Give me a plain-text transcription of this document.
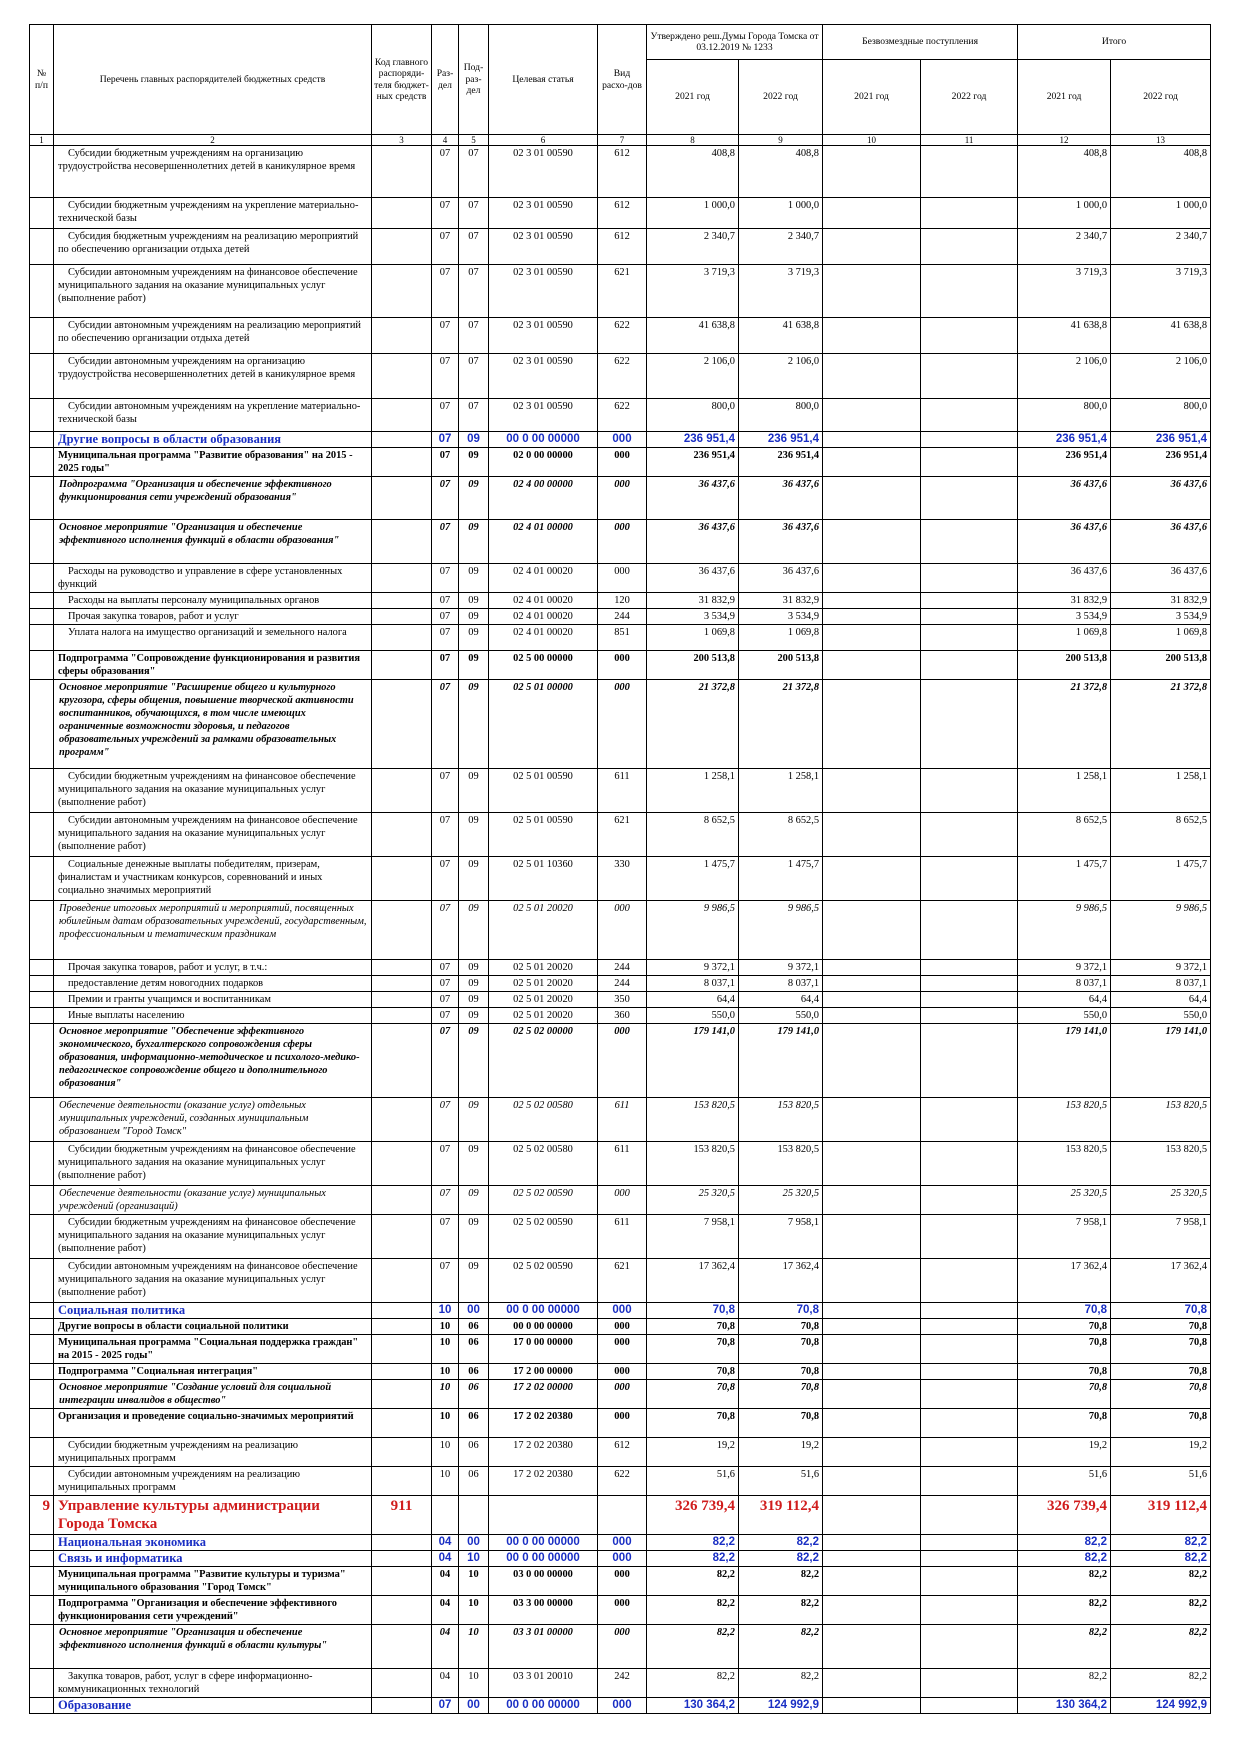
№ п/п	Перечень главных распорядителей бюджетных средств	Код главного распоряди-теля бюджет-ных средств	Раз-дел	Под-раз-дел	Целевая статья	Вид расхо-дов	Утверждено реш.Думы Города Томска от 03.12.2019 № 1233		Безвозмездные поступления		Итого	
							2021 год	2022 год	2021 год	2022 год	2021 год	2022 год
1	2	3	4	5	6	7	8	9	10	11	12	13
	Субсидии бюджетным учреждениям на организацию трудоустройства несовершеннолетних детей в каникулярное время		07	07	02 3 01 00590	612	408,8	408,8			408,8	408,8
	Субсидии бюджетным учреждениям на укрепление материально-технической базы		07	07	02 3 01 00590	612	1 000,0	1 000,0			1 000,0	1 000,0
	Субсидия бюджетным учреждениям на реализацию мероприятий по обеспечению организации отдыха детей		07	07	02 3 01 00590	612	2 340,7	2 340,7			2 340,7	2 340,7
	Субсидии автономным учреждениям на финансовое обеспечение муниципального задания на оказание муниципальных услуг (выполнение работ)		07	07	02 3 01 00590	621	3 719,3	3 719,3			3 719,3	3 719,3
	Субсидии автономным учреждениям на реализацию мероприятий по обеспечению организации отдыха детей		07	07	02 3 01 00590	622	41 638,8	41 638,8			41 638,8	41 638,8
	Субсидии автономным учреждениям на организацию трудоустройства несовершеннолетних детей в каникулярное время		07	07	02 3 01 00590	622	2 106,0	2 106,0			2 106,0	2 106,0
	Субсидии автономным учреждениям на укрепление материально-технической базы		07	07	02 3 01 00590	622	800,0	800,0			800,0	800,0
	Другие вопросы в области образования		07	09	00 0 00 00000	000	236 951,4	236 951,4			236 951,4	236 951,4
	Муниципальная программа "Развитие образования" на 2015 - 2025 годы"		07	09	02 0 00 00000	000	236 951,4	236 951,4			236 951,4	236 951,4
	Подпрограмма "Организация и обеспечение эффективного функционирования сети учреждений образования"		07	09	02 4 00 00000	000	36 437,6	36 437,6			36 437,6	36 437,6
	Основное мероприятие "Организация и обеспечение эффективного исполнения функций в области образования"		07	09	02 4 01 00000	000	36 437,6	36 437,6			36 437,6	36 437,6
	Расходы на руководство и управление в сфере установленных функций		07	09	02 4 01 00020	000	36 437,6	36 437,6			36 437,6	36 437,6
	Расходы на выплаты персоналу муниципальных органов		07	09	02 4 01 00020	120	31 832,9	31 832,9			31 832,9	31 832,9
	Прочая закупка товаров, работ и услуг		07	09	02 4 01 00020	244	3 534,9	3 534,9			3 534,9	3 534,9
	Уплата налога на имущество организаций и земельного налога		07	09	02 4 01 00020	851	1 069,8	1 069,8			1 069,8	1 069,8
	Подпрограмма "Сопровождение функционирования и развития сферы образования"		07	09	02 5 00 00000	000	200 513,8	200 513,8			200 513,8	200 513,8
	Основное мероприятие "Расширение общего и культурного кругозора, сферы общения, повышение творческой активности воспитанников, обучающихся, в том числе имеющих ограниченные возможности здоровья, и педагогов образовательных учреждений за рамками образовательных программ"		07	09	02 5 01 00000	000	21 372,8	21 372,8			21 372,8	21 372,8
	Субсидии бюджетным учреждениям на финансовое обеспечение муниципального задания на оказание муниципальных услуг (выполнение работ)		07	09	02 5 01 00590	611	1 258,1	1 258,1			1 258,1	1 258,1
	Субсидии автономным учреждениям на финансовое обеспечение муниципального задания на оказание муниципальных услуг (выполнение работ)		07	09	02 5 01 00590	621	8 652,5	8 652,5			8 652,5	8 652,5
	Социальные денежные выплаты победителям, призерам, финалистам и участникам конкурсов, соревнований и иных социально значимых мероприятий		07	09	02 5 01 10360	330	1 475,7	1 475,7			1 475,7	1 475,7
	Проведение итоговых мероприятий и мероприятий, посвященных юбилейным датам образовательных учреждений, государственным, профессиональным и тематическим праздникам		07	09	02 5 01 20020	000	9 986,5	9 986,5			9 986,5	9 986,5
	Прочая закупка товаров, работ и услуг, в т.ч.:		07	09	02 5 01 20020	244	9 372,1	9 372,1			9 372,1	9 372,1
	предоставление детям новогодних подарков		07	09	02 5 01 20020	244	8 037,1	8 037,1			8 037,1	8 037,1
	Премии и гранты учащимся и воспитанникам		07	09	02 5 01 20020	350	64,4	64,4			64,4	64,4
	Иные выплаты населению		07	09	02 5 01 20020	360	550,0	550,0			550,0	550,0
	Основное мероприятие "Обеспечение эффективного экономического, бухгалтерского сопровождения сферы образования, информационно-методическое и психолого-медико-педагогическое сопровождение общего и дополнительного образования"		07	09	02 5 02 00000	000	179 141,0	179 141,0			179 141,0	179 141,0
	Обеспечение деятельности (оказание услуг) отдельных муниципальных учреждений, созданных муниципальным образованием "Город Томск"		07	09	02 5 02 00580	611	153 820,5	153 820,5			153 820,5	153 820,5
	Субсидии бюджетным учреждениям на финансовое обеспечение муниципального задания на оказание муниципальных услуг (выполнение работ)		07	09	02 5 02 00580	611	153 820,5	153 820,5			153 820,5	153 820,5
	Обеспечение деятельности (оказание услуг) муниципальных учреждений (организаций)		07	09	02 5 02 00590	000	25 320,5	25 320,5			25 320,5	25 320,5
	Субсидии бюджетным учреждениям на финансовое обеспечение муниципального задания на оказание муниципальных услуг (выполнение работ)		07	09	02 5 02 00590	611	7 958,1	7 958,1			7 958,1	7 958,1
	Субсидии автономным учреждениям на финансовое обеспечение муниципального задания на оказание муниципальных услуг (выполнение работ)		07	09	02 5 02 00590	621	17 362,4	17 362,4			17 362,4	17 362,4
	Социальная политика		10	00	00 0 00 00000	000	70,8	70,8			70,8	70,8
	Другие вопросы в области социальной политики		10	06	00 0 00 00000	000	70,8	70,8			70,8	70,8
	Муниципальная программа "Социальная поддержка граждан" на 2015 - 2025 годы"		10	06	17 0 00 00000	000	70,8	70,8			70,8	70,8
	Подпрограмма "Социальная интеграция"		10	06	17 2 00 00000	000	70,8	70,8			70,8	70,8
	Основное мероприятие "Создание условий для социальной интеграции инвалидов в общество"		10	06	17 2 02 00000	000	70,8	70,8			70,8	70,8
	Организация и проведение социально-значимых мероприятий		10	06	17 2 02 20380	000	70,8	70,8			70,8	70,8
	Субсидии бюджетным учреждениям на реализацию муниципальных программ		10	06	17 2 02 20380	612	19,2	19,2			19,2	19,2
	Субсидии автономным учреждениям на реализацию муниципальных программ		10	06	17 2 02 20380	622	51,6	51,6			51,6	51,6
9	Управление культуры администрации Города Томска	911					326 739,4	319 112,4			326 739,4	319 112,4
	Национальная экономика		04	00	00 0 00 00000	000	82,2	82,2			82,2	82,2
	Связь и информатика		04	10	00 0 00 00000	000	82,2	82,2			82,2	82,2
	Муниципальная программа "Развитие культуры и туризма" муниципального образования "Город Томск"		04	10	03 0 00 00000	000	82,2	82,2			82,2	82,2
	Подпрограмма "Организация и обеспечение эффективного функционирования сети учреждений"		04	10	03 3 00 00000	000	82,2	82,2			82,2	82,2
	Основное мероприятие "Организация и обеспечение эффективного исполнения функций в области культуры"		04	10	03 3 01 00000	000	82,2	82,2			82,2	82,2
	Закупка товаров, работ, услуг в сфере информационно-коммуникационных технологий		04	10	03 3 01 20010	242	82,2	82,2			82,2	82,2
	Образование		07	00	00 0 00 00000	000	130 364,2	124 992,9			130 364,2	124 992,9
